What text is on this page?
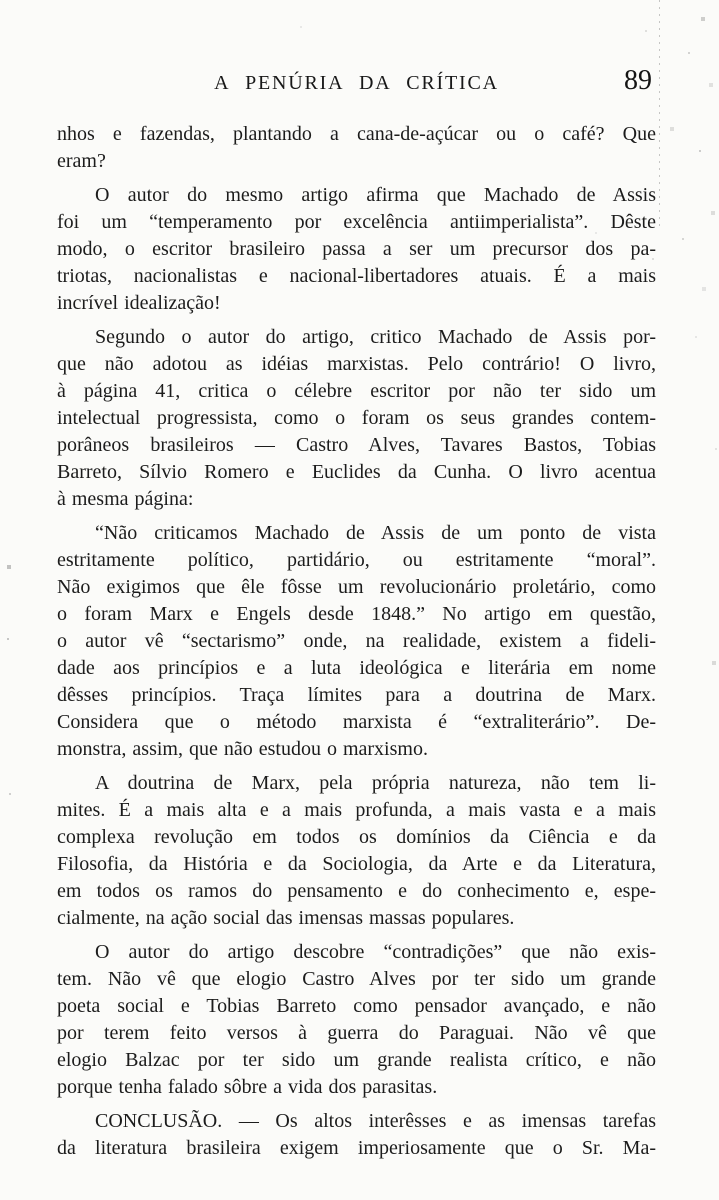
A PENÚRIA DA CRÍTICA	89
nhos e fazendas, plantando a cana-de-açúcar ou o café? Que
eram?
O autor do mesmo artigo afirma que Machado de Assis
foi um “temperamento por excelência antiimperialista”. Dêste
modo, o escritor brasileiro passa a ser um precursor dos pa-
triotas, nacionalistas e nacional-libertadores atuais. É a mais
incrível idealização!
Segundo o autor do artigo, critico Machado de Assis por-
que não adotou as idéias marxistas. Pelo contrário! O livro,
à página 41, critica o célebre escritor por não ter sido um
intelectual progressista, como o foram os seus grandes contem-
porâneos brasileiros — Castro Alves, Tavares Bastos, Tobias
Barreto, Sílvio Romero e Euclides da Cunha. O livro acentua
à mesma página:
“Não criticamos Machado de Assis de um ponto de vista
estritamente político, partidário, ou estritamente “moral”.
Não exigimos que êle fôsse um revolucionário proletário, como
o foram Marx e Engels desde 1848.” No artigo em questão,
o autor vê “sectarismo” onde, na realidade, existem a fideli-
dade aos princípios e a luta ideológica e literária em nome
dêsses princípios. Traça límites para a doutrina de Marx.
Considera que o método marxista é “extraliterário”. De-
monstra, assim, que não estudou o marxismo.
A doutrina de Marx, pela própria natureza, não tem li-
mites. É a mais alta e a mais profunda, a mais vasta e a mais
complexa revolução em todos os domínios da Ciência e da
Filosofia, da História e da Sociologia, da Arte e da Literatura,
em todos os ramos do pensamento e do conhecimento e, espe-
cialmente, na ação social das imensas massas populares.
O autor do artigo descobre “contradições” que não exis-
tem. Não vê que elogio Castro Alves por ter sido um grande
poeta social e Tobias Barreto como pensador avançado, e não
por terem feito versos à guerra do Paraguai. Não vê que
elogio Balzac por ter sido um grande realista crítico, e não
porque tenha falado sôbre a vida dos parasitas.
CONCLUSÃO. — Os altos interêsses e as imensas tarefas
da literatura brasileira exigem imperiosamente que o Sr. Ma-
